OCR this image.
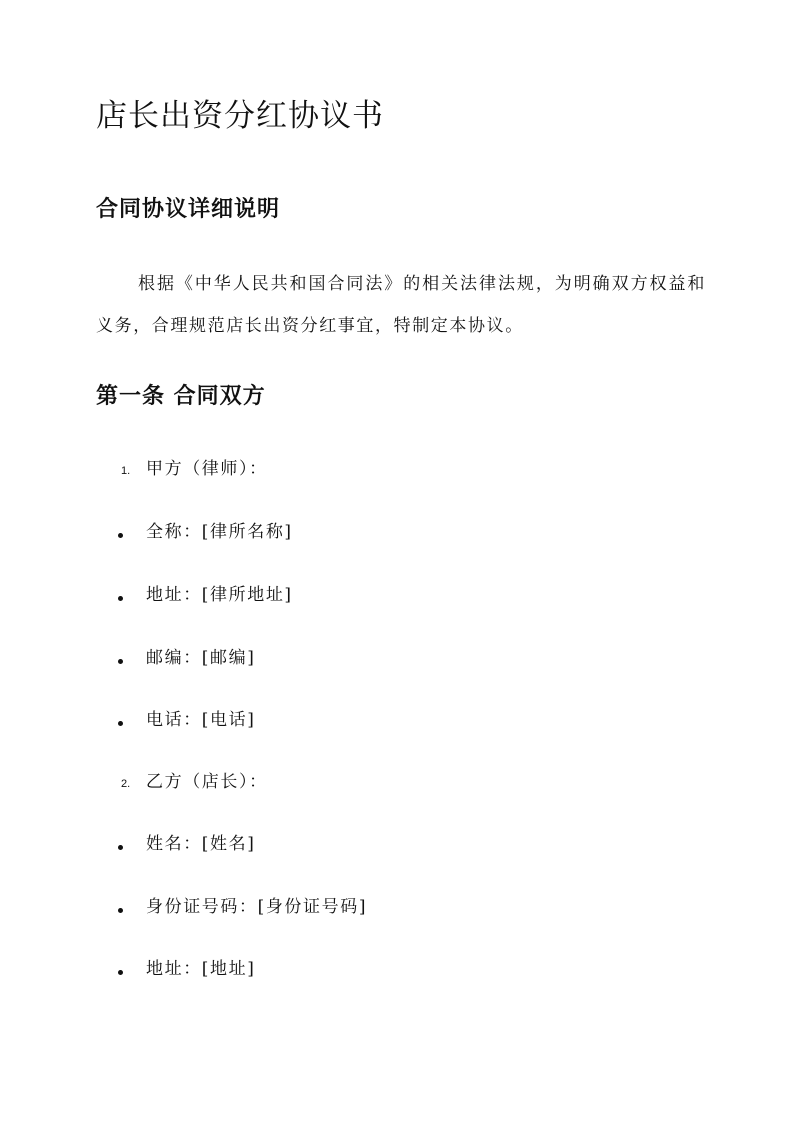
店长出资分红协议书
合同协议详细说明

根据《中华人民共和国合同法》的相关法律法规，为明确双方权益和义务，合理规范店长出资分红事宜，特制定本协议。

第一条 合同双方
1. 甲方（律师）：
全称：[律所名称]
地址：[律所地址]
邮编：[邮编]
电话：[电话]
2. 乙方（店长）：
姓名：[姓名]
身份证号码：[身份证号码]
地址：[地址]
